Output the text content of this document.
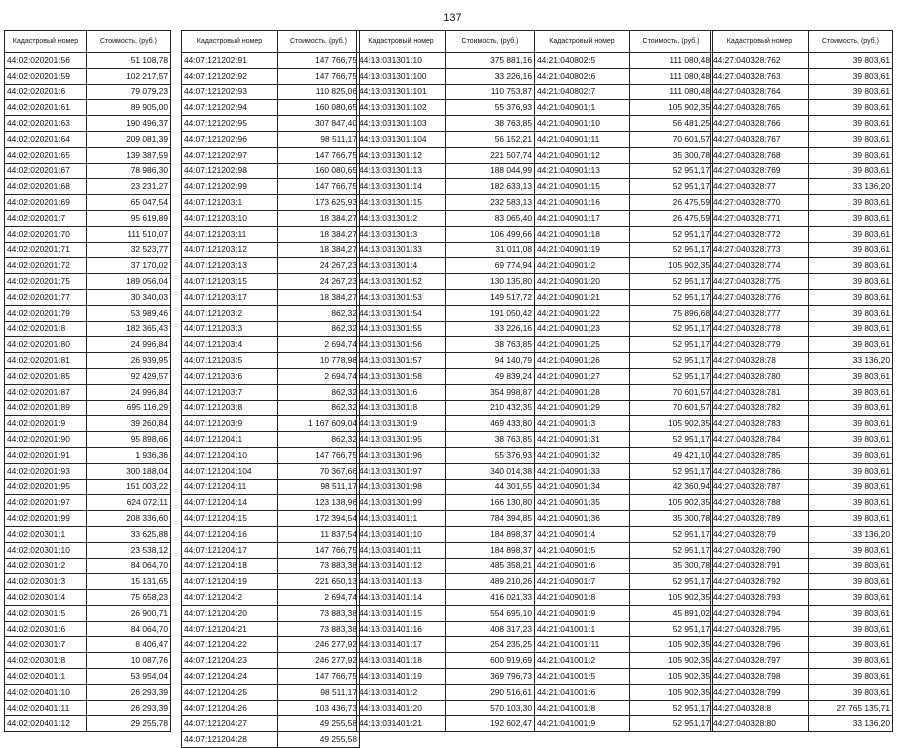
137
Кадастровый номер	Стоимость, (руб.)
44:02:020201:56	51 108,78
44:02:020201:59	102 217,57
44:02:020201:6	79 079,23
44:02:020201:61	89 905,00
44:02:020201:63	190 496,37
44:02:020201:64	209 081,39
44:02:020201:65	139 387,59
44:02:020201:67	78 986,30
44:02:020201:68	23 231,27
44:02:020201:69	65 047,54
44:02:020201:7	95 619,89
44:02:020201:70	111 510,07
44:02:020201:71	32 523,77
44:02:020201:72	37 170,02
44:02:020201:75	189 056,04
44:02:020201:77	30 340,03
44:02:020201:79	53 989,46
44:02:020201:8	182 365,43
44:02:020201:80	24 996,84
44:02:020201:81	26 939,95
44:02:020201:85	92 429,57
44:02:020201:87	24 996,84
44:02:020201:89	695 116,29
44:02:020201:9	39 260,84
44:02:020201:90	95 898,66
44:02:020201:91	1 936,36
44:02:020201:93	300 188,04
44:02:020201:95	151 003,22
44:02:020201:97	624 072,11
44:02:020201:99	208 336,60
44:02:020301:1	33 625,88
44:02:020301:10	23 538,12
44:02:020301:2	84 064,70
44:02:020301:3	15 131,65
44:02:020301:4	75 658,23
44:02:020301:5	26 900,71
44:02:020301:6	84 064,70
44:02:020301:7	8 406,47
44:02:020301:8	10 087,76
44:02:020401:1	53 954,04
44:02:020401:10	26 293,39
44:02:020401:11	26 293,39
44:02:020401:12	29 255,78
Кадастровый номер	Стоимость, (руб.)
44:07:121202:91	147 766,75
44:07:121202:92	147 766,75
44:07:121202:93	110 825,06
44:07:121202:94	160 080,65
44:07:121202:95	307 847,40
44:07:121202:96	98 511,17
44:07:121202:97	147 766,75
44:07:121202:98	160 080,65
44:07:121202:99	147 766,75
44:07:121203:1	173 625,93
44:07:121203:10	18 384,27
44:07:121203:11	18 384,27
44:07:121203:12	18 384,27
44:07:121203:13	24 267,23
44:07:121203:15	24 267,23
44:07:121203:17	18 384,27
44:07:121203:2	862,32
44:07:121203:3	862,32
44:07:121203:4	2 694,74
44:07:121203:5	10 778,98
44:07:121203:6	2 694,74
44:07:121203:7	862,32
44:07:121203:8	862,32
44:07:121203:9	1 167 609,04
44:07:121204:1	862,32
44:07:121204:10	147 766,75
44:07:121204:104	70 367,66
44:07:121204:11	98 511,17
44:07:121204:14	123 138,96
44:07:121204:15	172 394,54
44:07:121204:16	11 837,54
44:07:121204:17	147 766,75
44:07:121204:18	73 883,38
44:07:121204:19	221 650,13
44:07:121204:2	2 694,74
44:07:121204:20	73 883,38
44:07:121204:21	73 883,38
44:07:121204:22	246 277,92
44:07:121204:23	246 277,92
44:07:121204:24	147 766,75
44:07:121204:25	98 511,17
44:07:121204:26	103 436,73
44:07:121204:27	49 255,58
44:07:121204:28	49 255,58
Кадастровый номер	Стоимость, (руб.)
44:13:031301:10	375 881,16
44:13:031301:100	33 226,16
44:13:031301:101	110 753,87
44:13:031301:102	55 376,93
44:13:031301:103	38 763,85
44:13:031301:104	56 152,21
44:13:031301:12	221 507,74
44:13:031301:13	188 044,99
44:13:031301:14	182 633,13
44:13:031301:15	232 583,13
44:13:031301:2	83 065,40
44:13:031301:3	106 499,66
44:13:031301:33	31 011,08
44:13:031301:4	69 774,94
44:13:031301:52	130 135,80
44:13:031301:53	149 517,72
44:13:031301:54	191 050,42
44:13:031301:55	33 226,16
44:13:031301:56	38 763,85
44:13:031301:57	94 140,79
44:13:031301:58	49 839,24
44:13:031301:6	354 998,87
44:13:031301:8	210 432,35
44:13:031301:9	469 433,80
44:13:031301:95	38 763,85
44:13:031301:96	55 376,93
44:13:031301:97	340 014,38
44:13:031301:98	44 301,55
44:13:031301:99	166 130,80
44:13:031401:1	784 394,85
44:13:031401:10	184 898,37
44:13:031401:11	184 898,37
44:13:031401:12	485 358,21
44:13:031401:13	489 210,26
44:13:031401:14	416 021,33
44:13:031401:15	554 695,10
44:13:031401:16	408 317,23
44:13:031401:17	254 235,25
44:13:031401:18	600 919,69
44:13:031401:19	369 796,73
44:13:031401:2	290 516,61
44:13:031401:20	570 103,30
44:13:031401:21	192 602,47
Кадастровый номер	Стоимость, (руб.)
44:21:040802:5	111 080,48
44:21:040802:6	111 080,48
44:21:040802:7	111 080,48
44:21:040901:1	105 902,35
44:21:040901:10	56 481,25
44:21:040901:11	70 601,57
44:21:040901:12	35 300,78
44:21:040901:13	52 951,17
44:21:040901:15	52 951,17
44:21:040901:16	26 475,59
44:21:040901:17	26 475,59
44:21:040901:18	52 951,17
44:21:040901:19	52 951,17
44:21:040901:2	105 902,35
44:21:040901:20	52 951,17
44:21:040901:21	52 951,17
44:21:040901:22	75 896,68
44:21:040901:23	52 951,17
44:21:040901:25	52 951,17
44:21:040901:26	52 951,17
44:21:040901:27	52 951,17
44:21:040901:28	70 601,57
44:21:040901:29	70 601,57
44:21:040901:3	105 902,35
44:21:040901:31	52 951,17
44:21:040901:32	49 421,10
44:21:040901:33	52 951,17
44:21:040901:34	42 360,94
44:21:040901:35	105 902,35
44:21:040901:36	35 300,78
44:21:040901:4	52 951,17
44:21:040901:5	52 951,17
44:21:040901:6	35 300,78
44:21:040901:7	52 951,17
44:21:040901:8	105 902,35
44:21:040901:9	45 891,02
44:21:041001:1	52 951,17
44:21:041001:11	105 902,35
44:21:041001:2	105 902,35
44:21:041001:5	105 902,35
44:21:041001:6	105 902,35
44:21:041001:8	52 951,17
44:21:041001:9	52 951,17
Кадастровый номер	Стоимость, (руб.)
44:27:040328:762	39 803,61
44:27:040328:763	39 803,61
44:27:040328:764	39 803,61
44:27:040328:765	39 803,61
44:27:040328:766	39 803,61
44:27:040328:767	39 803,61
44:27:040328:768	39 803,61
44:27:040328:769	39 803,61
44:27:040328:77	33 136,20
44:27:040328:770	39 803,61
44:27:040328:771	39 803,61
44:27:040328:772	39 803,61
44:27:040328:773	39 803,61
44:27:040328:774	39 803,61
44:27:040328:775	39 803,61
44:27:040328:776	39 803,61
44:27:040328:777	39 803,61
44:27:040328:778	39 803,61
44:27:040328:779	39 803,61
44:27:040328:78	33 136,20
44:27:040328:780	39 803,61
44:27:040328:781	39 803,61
44:27:040328:782	39 803,61
44:27:040328:783	39 803,61
44:27:040328:784	39 803,61
44:27:040328:785	39 803,61
44:27:040328:786	39 803,61
44:27:040328:787	39 803,61
44:27:040328:788	39 803,61
44:27:040328:789	39 803,61
44:27:040328:79	33 136,20
44:27:040328:790	39 803,61
44:27:040328:791	39 803,61
44:27:040328:792	39 803,61
44:27:040328:793	39 803,61
44:27:040328:794	39 803,61
44:27:040328:795	39 803,61
44:27:040328:796	39 803,61
44:27:040328:797	39 803,61
44:27:040328:798	39 803,61
44:27:040328:799	39 803,61
44:27:040328:8	27 765 135,71
44:27:040328:80	33 136,20
